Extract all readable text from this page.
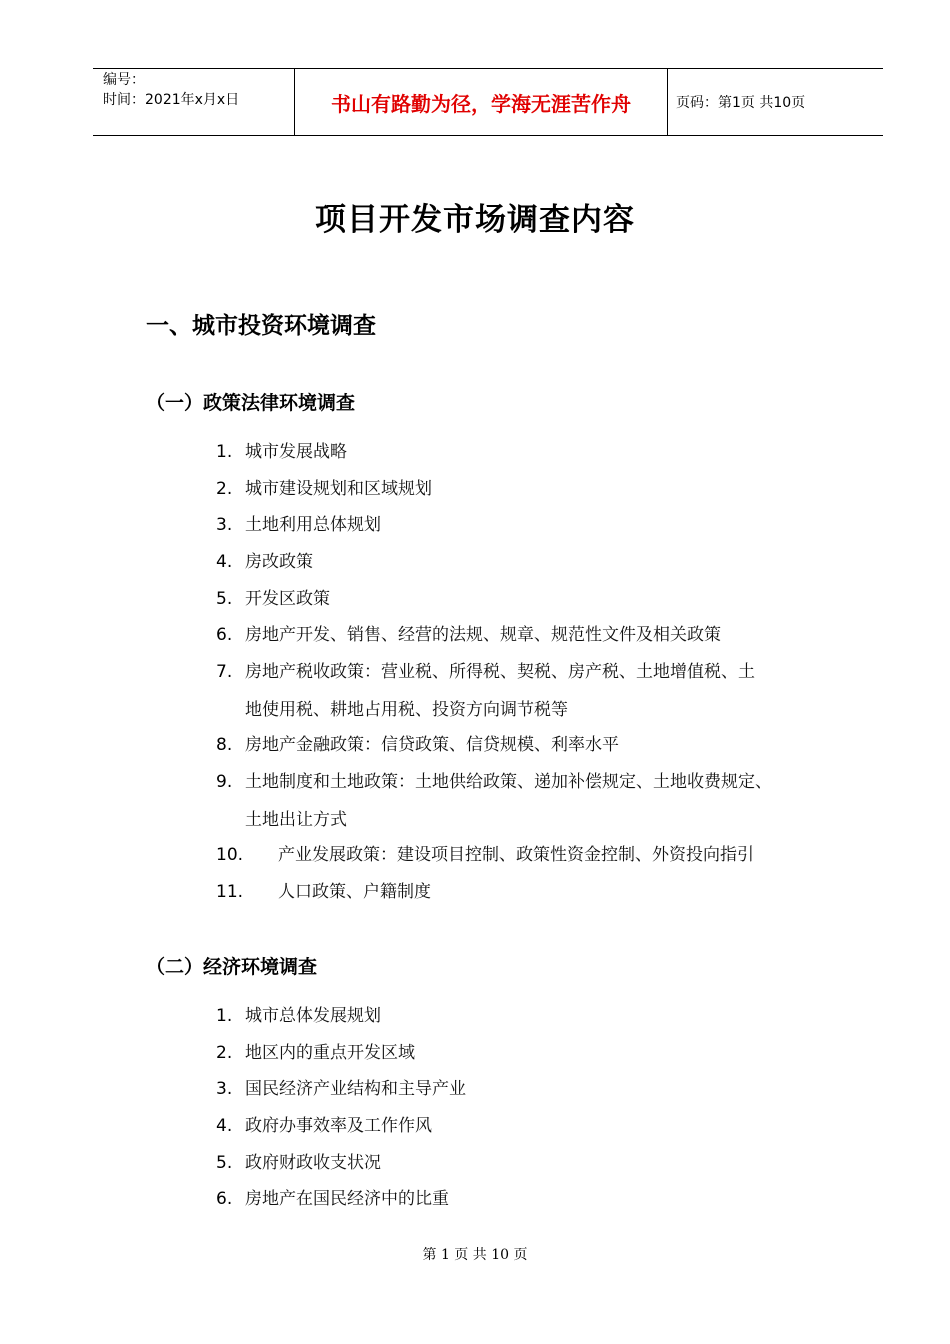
编号：
时间：2021年x月x日	书山有路勤为径，学海无涯苦作舟	页码：第1页 共10页
项目开发市场调查内容
一、城市投资环境调查
（一）政策法律环境调查
1. 城市发展战略
2. 城市建设规划和区域规划
3. 土地利用总体规划
4. 房改政策
5. 开发区政策
6. 房地产开发、销售、经营的法规、规章、规范性文件及相关政策
7. 房地产税收政策：营业税、所得税、契税、房产税、土地增值税、土
地使用税、耕地占用税、投资方向调节税等
8. 房地产金融政策：信贷政策、信贷规模、利率水平
9. 土地制度和土地政策：土地供给政策、递加补偿规定、土地收费规定、
土地出让方式
10. 产业发展政策：建设项目控制、政策性资金控制、外资投向指引
11. 人口政策、户籍制度
（二）经济环境调查
1. 城市总体发展规划
2. 地区内的重点开发区域
3. 国民经济产业结构和主导产业
4. 政府办事效率及工作作风
5. 政府财政收支状况
6. 房地产在国民经济中的比重
第 1 页 共 10 页
